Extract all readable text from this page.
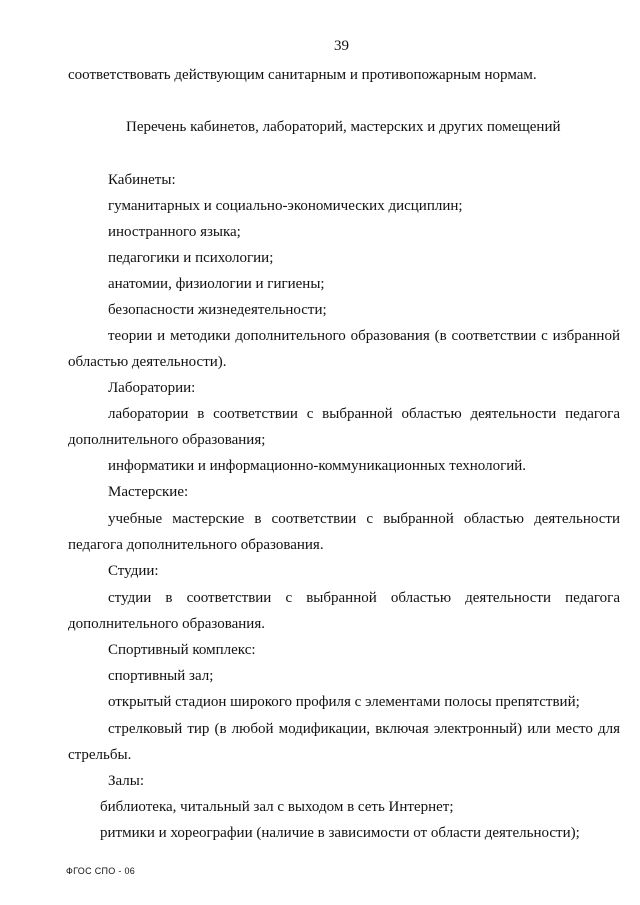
39
соответствовать действующим санитарным и противопожарным нормам.
Перечень кабинетов, лабораторий, мастерских и других помещений
Кабинеты:
гуманитарных и социально-экономических дисциплин;
иностранного языка;
педагогики и психологии;
анатомии, физиологии и гигиены;
безопасности жизнедеятельности;
теории и методики дополнительного образования (в соответствии с избранной
областью деятельности).
Лаборатории:
лаборатории в соответствии с выбранной областью деятельности педагога
дополнительного образования;
информатики и информационно-коммуникационных технологий.
Мастерские:
учебные мастерские в соответствии с выбранной областью деятельности
педагога дополнительного образования.
Студии:
студии в соответствии с выбранной областью деятельности педагога
дополнительного образования.
Спортивный комплекс:
спортивный зал;
открытый стадион широкого профиля с элементами полосы препятствий;
стрелковый тир (в любой модификации, включая электронный) или место для
стрельбы.
Залы:
библиотека, читальный зал с выходом в сеть Интернет;
ритмики и хореографии (наличие в зависимости от области деятельности);
ФГОС СПО - 06
